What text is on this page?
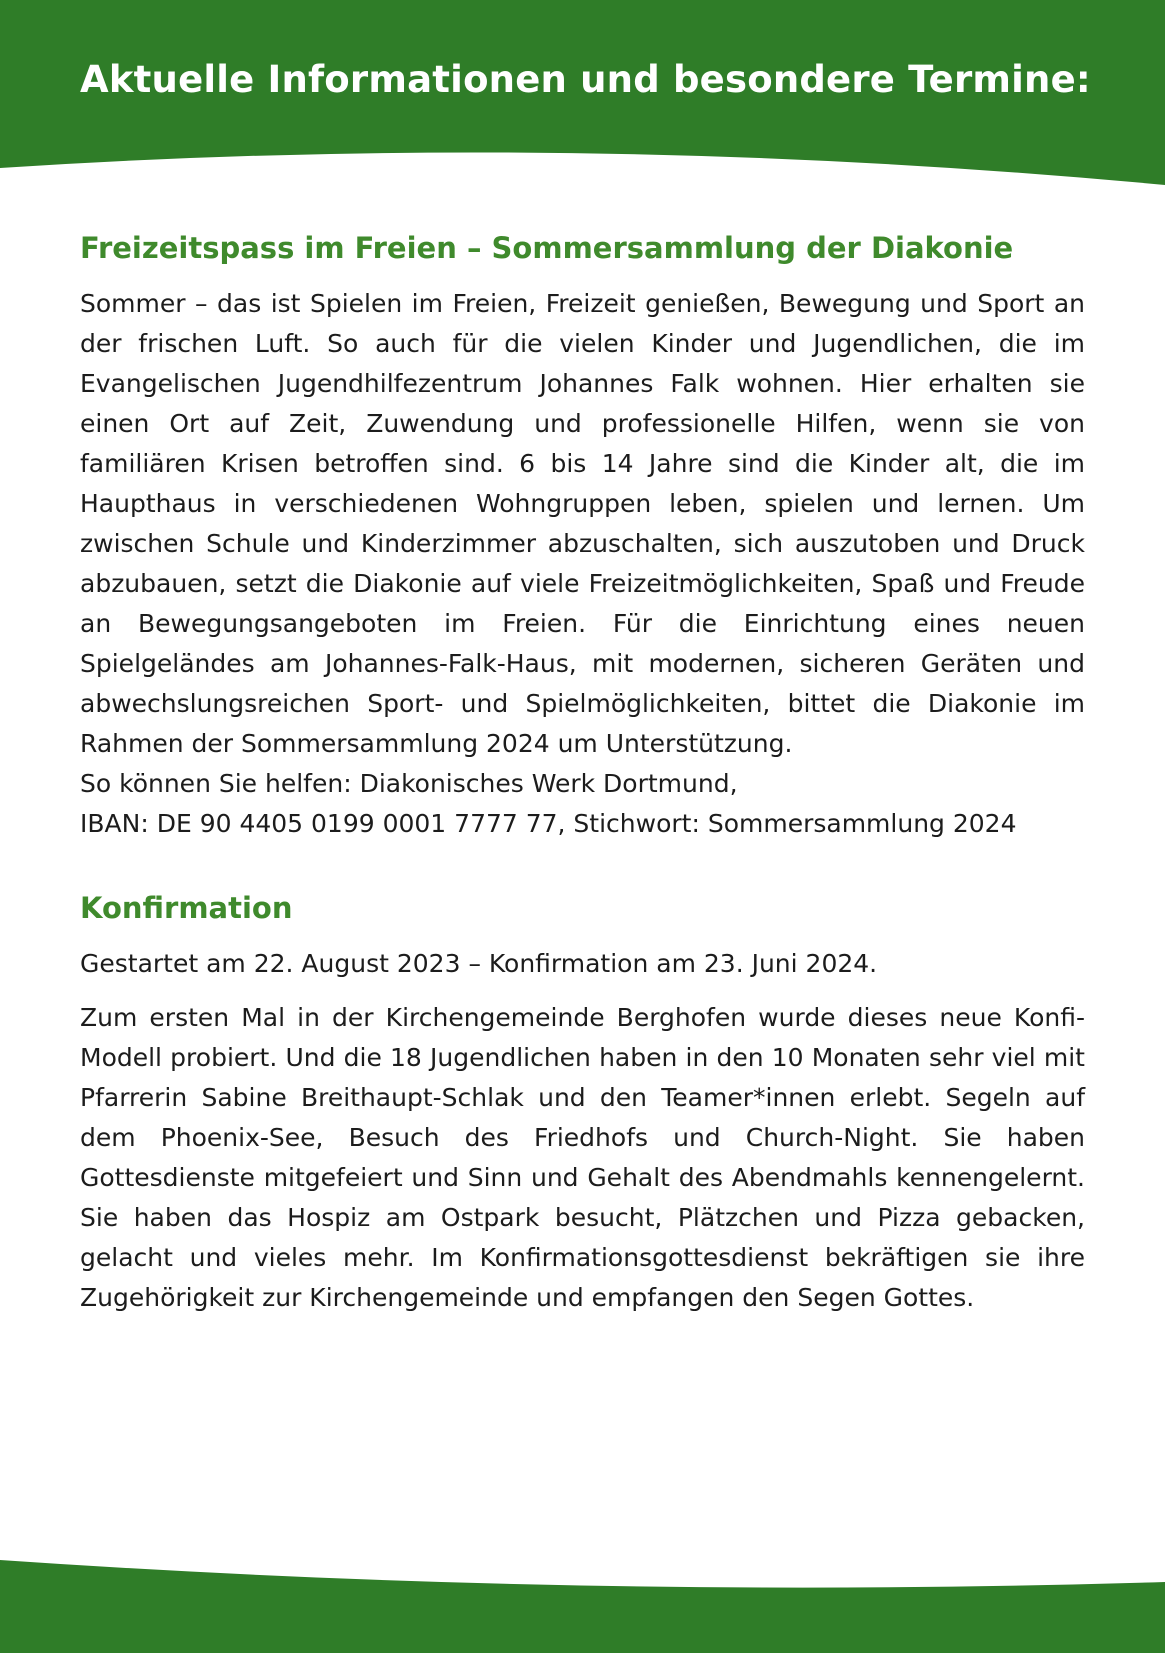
Aktuelle Informationen und besondere Termine:
Freizeitspass im Freien – Sommersammlung der Diakonie

Sommer – das ist Spielen im Freien, Freizeit genießen, Bewegung und Sport an der frischen Luft. So auch für die vielen Kinder und Jugendlichen, die im Evangelischen Jugendhilfezentrum Johannes Falk wohnen. Hier erhalten sie einen Ort auf Zeit, Zuwendung und professionelle Hilfen, wenn sie von familiären Krisen betroffen sind. 6 bis 14 Jahre sind die Kinder alt, die im Haupthaus in verschiedenen Wohngruppen leben, spielen und lernen. Um zwischen Schule und Kinderzimmer abzuschalten, sich auszutoben und Druck abzubauen, setzt die Diakonie auf viele Freizeitmöglichkeiten, Spaß und Freude an Bewegungsangeboten im Freien. Für die Einrichtung eines neuen Spielgeländes am Johannes-Falk-Haus, mit modernen, sicheren Geräten und abwechslungsreichen Sport- und Spielmöglichkeiten, bittet die Diakonie im Rahmen der Sommersammlung 2024 um Unterstützung.

So können Sie helfen: Diakonisches Werk Dortmund,

IBAN: DE 90 4405 0199 0001 7777 77, Stichwort: Sommersammlung 2024

Konfirmation

Gestartet am 22. August 2023 – Konfirmation am 23. Juni 2024.

Zum ersten Mal in der Kirchengemeinde Berghofen wurde dieses neue Konfi-Modell probiert. Und die 18 Jugendlichen haben in den 10 Monaten sehr viel mit Pfarrerin Sabine Breithaupt-Schlak und den Teamer*innen erlebt. Segeln auf dem Phoenix-See, Besuch des Friedhofs und Church-Night. Sie haben Gottesdienste mitgefeiert und Sinn und Gehalt des Abendmahls kennengelernt. Sie haben das Hospiz am Ostpark besucht, Plätzchen und Pizza gebacken, gelacht und vieles mehr. Im Konfirmationsgottesdienst bekräftigen sie ihre Zugehörigkeit zur Kirchengemeinde und empfangen den Segen Gottes.
